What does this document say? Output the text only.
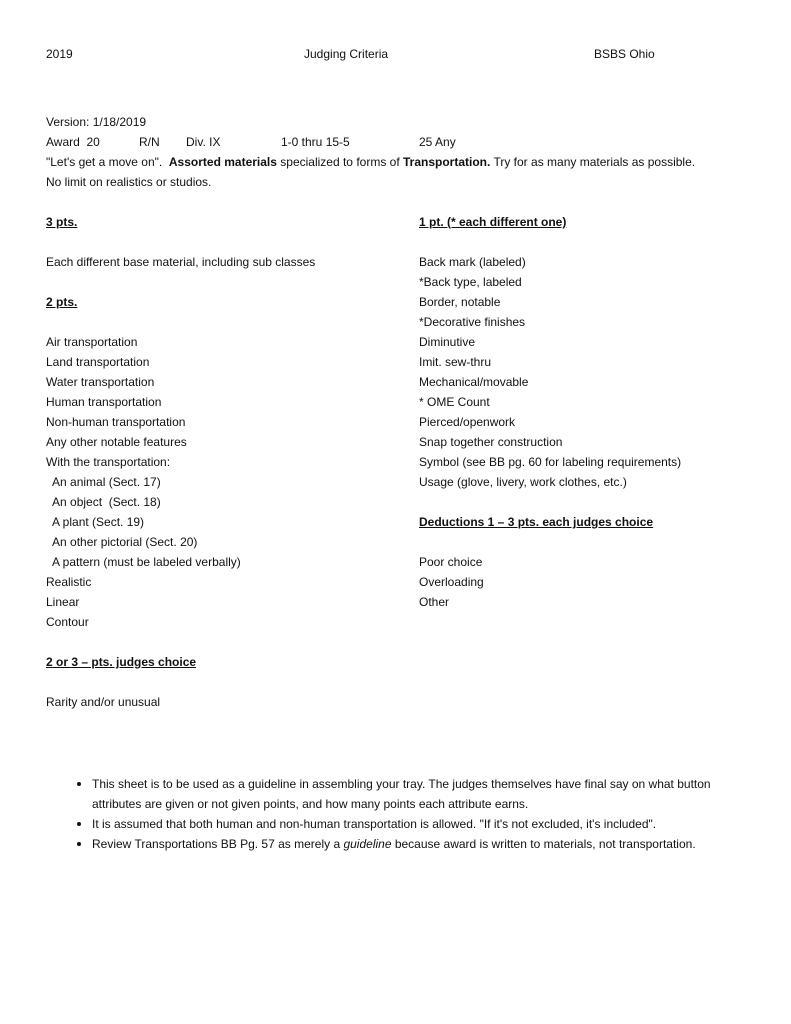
2019	Judging Criteria	BSBS Ohio
Version: 1/18/2019
Award  20	R/N Div. IX	1-0 thru 15-5	25 Any
"Let's get a move on".  Assorted materials specialized to forms of Transportation. Try for as many materials as possible.
No limit on realistics or studios.
3 pts.
Each different base material, including sub classes
2 pts.
Air transportation
Land transportation
Water transportation
Human transportation
Non-human transportation
Any other notable features
With the transportation:
An animal (Sect. 17)
An object  (Sect. 18)
A plant (Sect. 19)
An other pictorial (Sect. 20)
A pattern (must be labeled verbally)
Realistic
Linear
Contour
2 or 3 – pts. judges choice
Rarity and/or unusual
1 pt. (* each different one)
Back mark (labeled)
*Back type, labeled
Border, notable
*Decorative finishes
Diminutive
Imit. sew-thru
Mechanical/movable
* OME Count
Pierced/openwork
Snap together construction
Symbol (see BB pg. 60 for labeling requirements)
Usage (glove, livery, work clothes, etc.)
Deductions 1 – 3 pts. each judges choice
Poor choice
Overloading
Other
• This sheet is to be used as a guideline in assembling your tray. The judges themselves have final say on what button attributes are given or not given points, and how many points each attribute earns.
• It is assumed that both human and non-human transportation is allowed. "If it's not excluded, it's included".
• Review Transportations BB Pg. 57 as merely a guideline because award is written to materials, not transportation.
